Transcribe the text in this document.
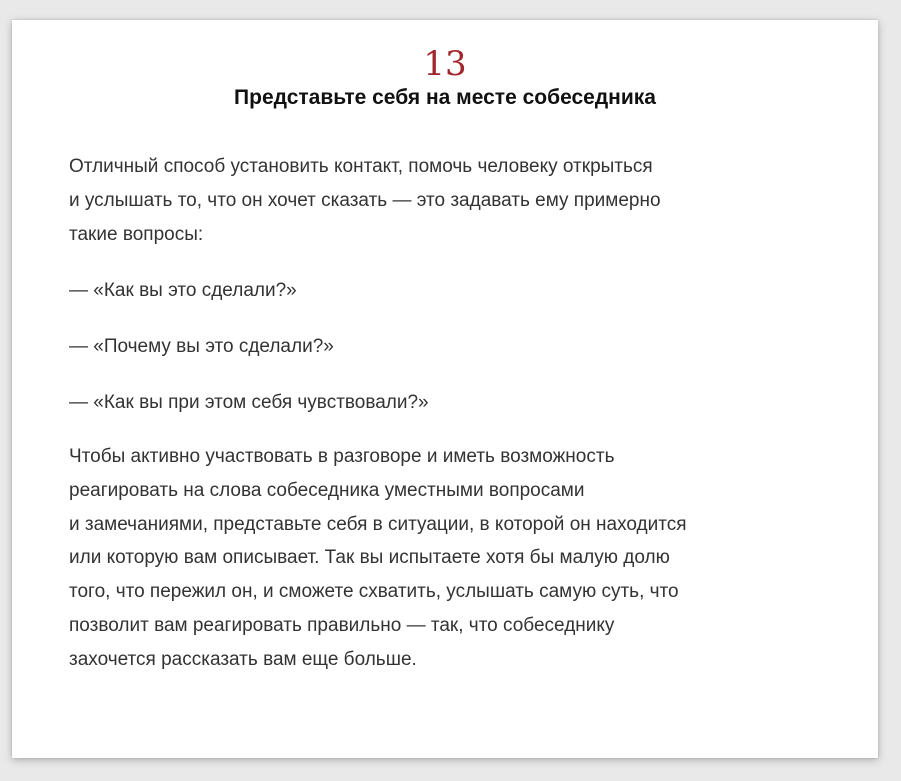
13
Представьте себя на месте собеседника

Отличный способ установить контакт, помочь человеку открыться
и услышать то, что он хочет сказать — это задавать ему примерно
такие вопросы:

— «Как вы это сделали?»

— «Почему вы это сделали?»

— «Как вы при этом себя чувствовали?»

Чтобы активно участвовать в разговоре и иметь возможность
реагировать на слова собеседника уместными вопросами
и замечаниями, представьте себя в ситуации, в которой он находится
или которую вам описывает. Так вы испытаете хотя бы малую долю
того, что пережил он, и сможете схватить, услышать самую суть, что
позволит вам реагировать правильно — так, что собеседнику
захочется рассказать вам еще больше.
